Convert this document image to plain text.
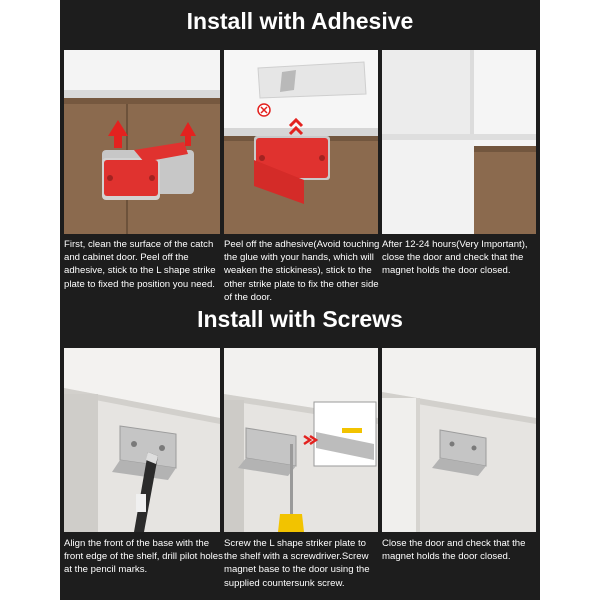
Install with Adhesive
First, clean the surface of the catch and cabinet door. Peel off the adhesive, stick to the L shape strike plate to fixed the position you need.
Peel off the adhesive(Avoid touching the glue with your hands, which will weaken the stickiness), stick to the other strike plate to fix the other side of the door.
After 12-24 hours(Very Important), close the door and check that the magnet holds the door closed.
Install with Screws
Align the front of the base with the front edge of the shelf, drill pilot holes at the pencil marks.
Screw the L shape striker plate to the shelf with a screwdriver.Screw magnet base to the door using the supplied countersunk screw.
Close the door and check that the magnet holds the door closed.
